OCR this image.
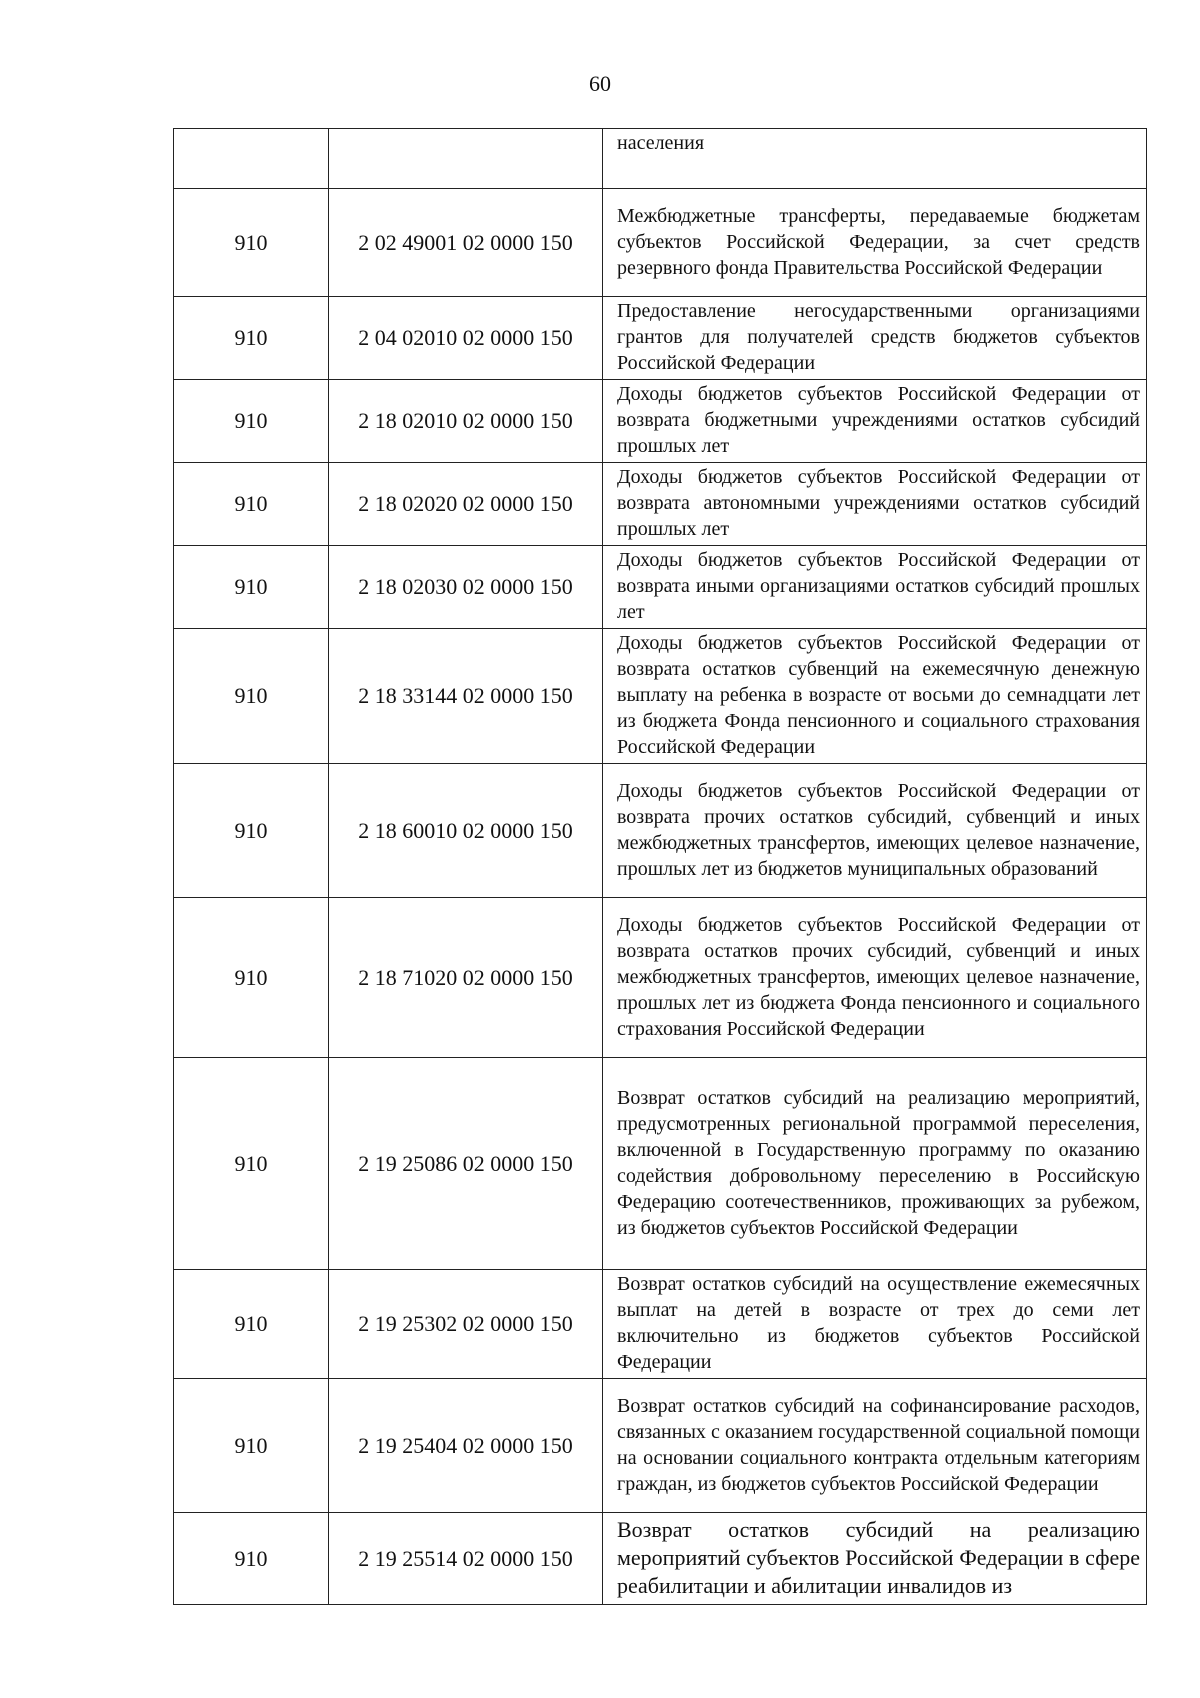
60
		населения
910	2 02 49001 02 0000 150	Межбюджетные трансферты, передаваемые бюджетам субъектов Российской Федерации, за счет средств резервного фонда Правительства Российской Федерации
910	2 04 02010 02 0000 150	Предоставление негосударственными организациями грантов для получателей средств бюджетов субъектов Российской Федерации
910	2 18 02010 02 0000 150	Доходы бюджетов субъектов Российской Федерации от возврата бюджетными учреждениями остатков субсидий прошлых лет
910	2 18 02020 02 0000 150	Доходы бюджетов субъектов Российской Федерации от возврата автономными учреждениями остатков субсидий прошлых лет
910	2 18 02030 02 0000 150	Доходы бюджетов субъектов Российской Федерации от возврата иными организациями остатков субсидий прошлых лет
910	2 18 33144 02 0000 150	Доходы бюджетов субъектов Российской Федерации от возврата остатков субвенций на ежемесячную денежную выплату на ребенка в возрасте от восьми до семнадцати лет из бюджета Фонда пенсионного и социального страхования Российской Федерации
910	2 18 60010 02 0000 150	Доходы бюджетов субъектов Российской Федерации от возврата прочих остатков субсидий, субвенций и иных межбюджетных трансфертов, имеющих целевое назначение, прошлых лет из бюджетов муниципальных образований
910	2 18 71020 02 0000 150	Доходы бюджетов субъектов Российской Федерации от возврата остатков прочих субсидий, субвенций и иных межбюджетных трансфертов, имеющих целевое назначение, прошлых лет из бюджета Фонда пенсионного и социального страхования Российской Федерации
910	2 19 25086 02 0000 150	Возврат остатков субсидий на реализацию мероприятий, предусмотренных региональной программой переселения, включенной в Государственную программу по оказанию содействия добровольному переселению в Российскую Федерацию соотечественников, проживающих за рубежом, из бюджетов субъектов Российской Федерации
910	2 19 25302 02 0000 150	Возврат остатков субсидий на осуществление ежемесячных выплат на детей в возрасте от трех до семи лет включительно из бюджетов субъектов Российской Федерации
910	2 19 25404 02 0000 150	Возврат остатков субсидий на софинансирование расходов, связанных с оказанием государственной социальной помощи на основании социального контракта отдельным категориям граждан, из бюджетов субъектов Российской Федерации
910	2 19 25514 02 0000 150	Возврат остатков субсидий на реализацию мероприятий субъектов Российской Федерации в сфере реабилитации и абилитации инвалидов из
